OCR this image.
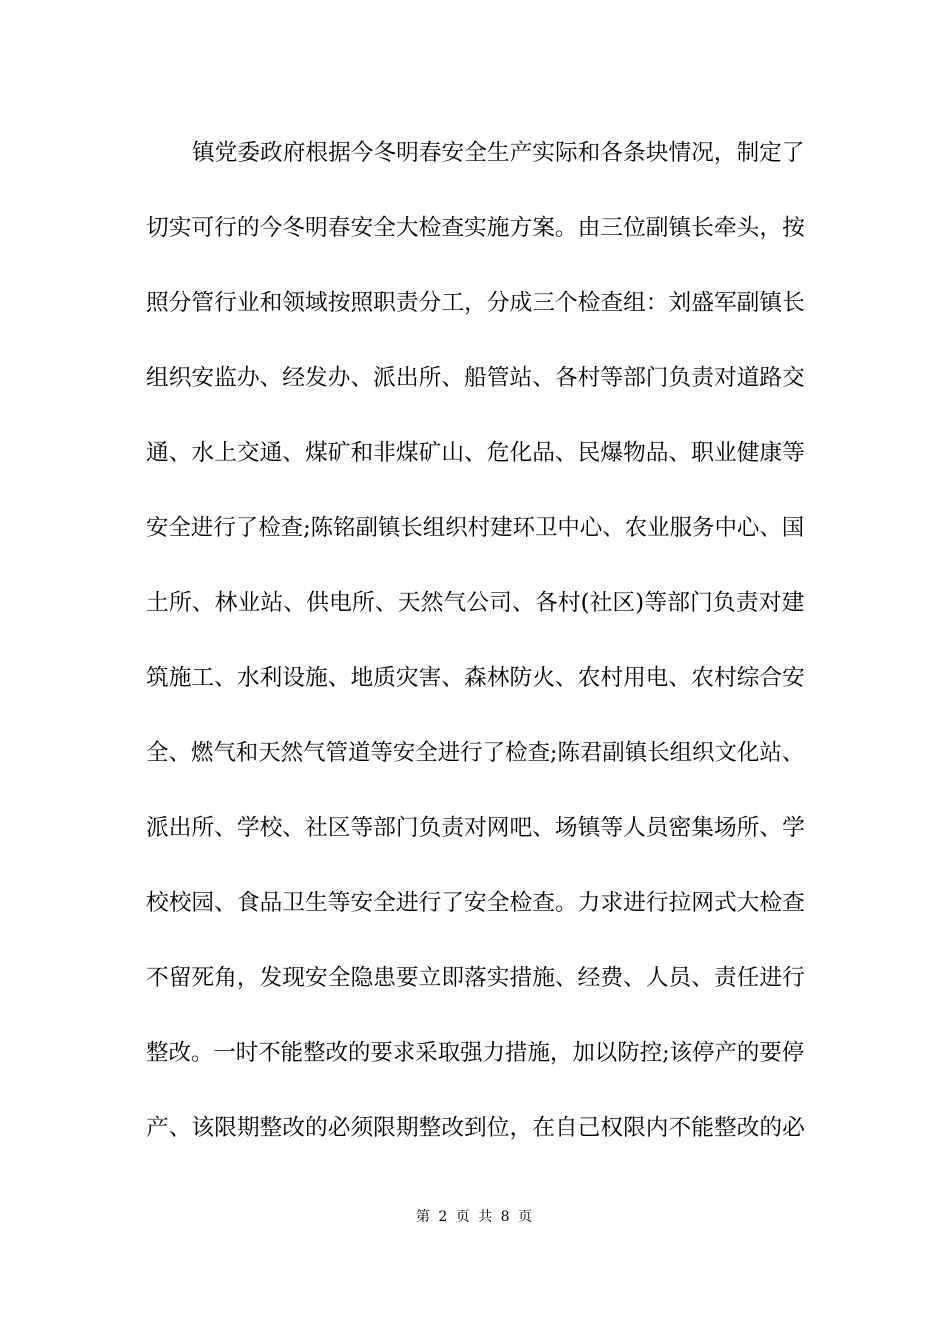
镇党委政府根据今冬明春安全生产实际和各条块情况，制定了
切实可行的今冬明春安全大检查实施方案。由三位副镇长牵头，按
照分管行业和领域按照职责分工，分成三个检查组：刘盛军副镇长
组织安监办、经发办、派出所、船管站、各村等部门负责对道路交
通、水上交通、煤矿和非煤矿山、危化品、民爆物品、职业健康等
安全进行了检查;陈铭副镇长组织村建环卫中心、农业服务中心、国
土所、林业站、供电所、天然气公司、各村(社区)等部门负责对建
筑施工、水利设施、地质灾害、森林防火、农村用电、农村综合安
全、燃气和天然气管道等安全进行了检查;陈君副镇长组织文化站、
派出所、学校、社区等部门负责对网吧、场镇等人员密集场所、学
校校园、食品卫生等安全进行了安全检查。力求进行拉网式大检查
不留死角，发现安全隐患要立即落实措施、经费、人员、责任进行
整改。一时不能整改的要求采取强力措施，加以防控;该停产的要停
产、该限期整改的必须限期整改到位，在自己权限内不能整改的必
第 2 页 共 8 页
